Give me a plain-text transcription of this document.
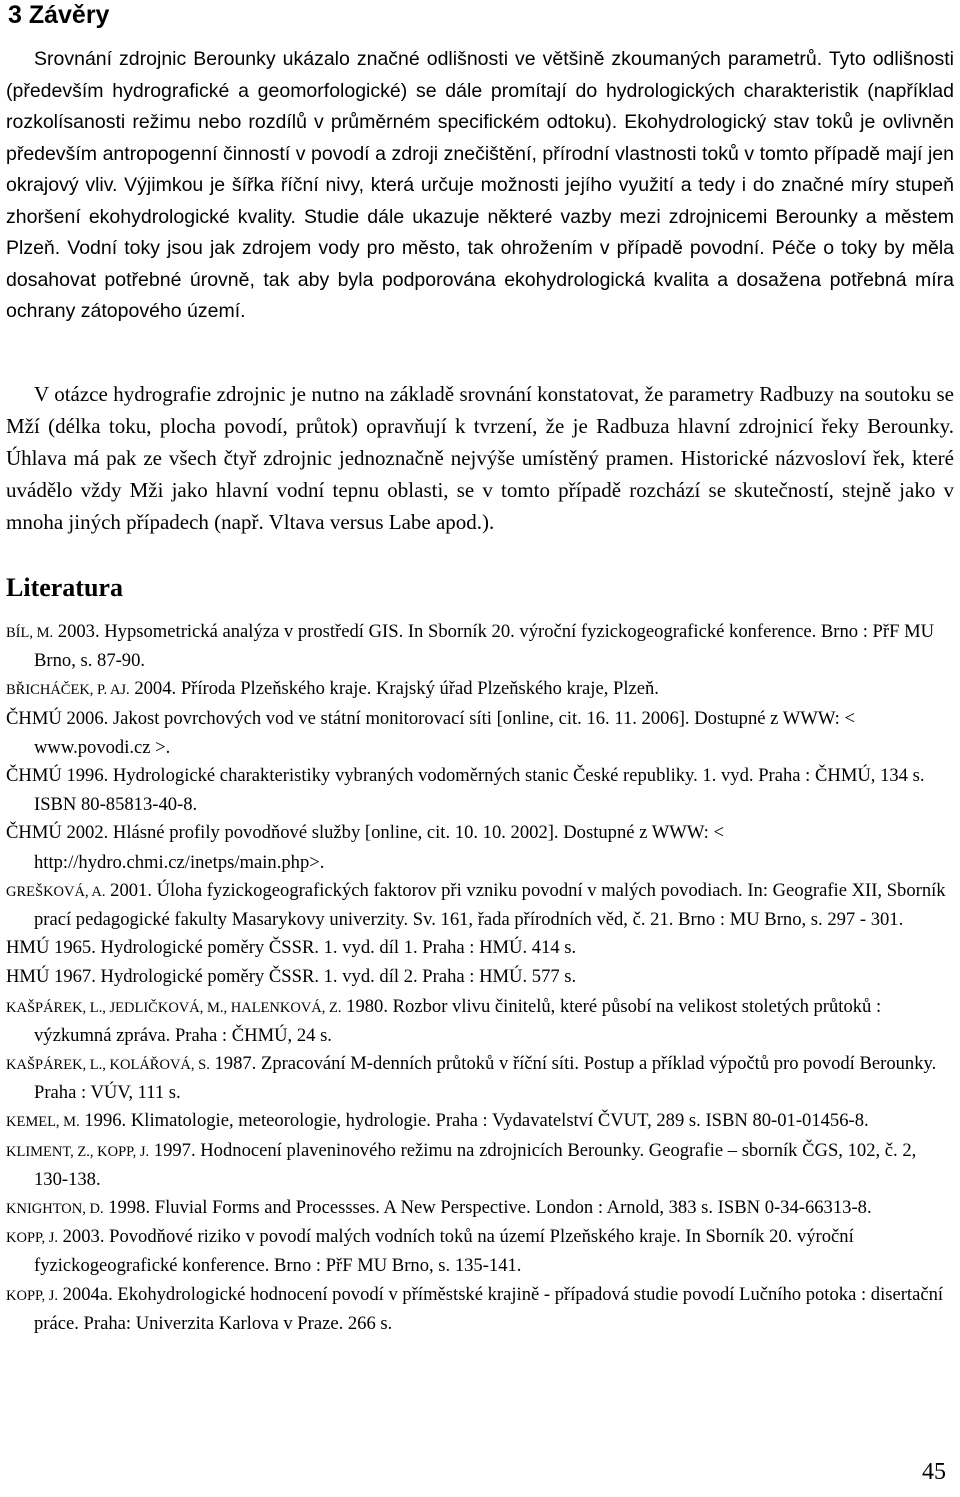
3 Závěry

Srovnání zdrojnic Berounky ukázalo značné odlišnosti ve většině zkoumaných parametrů. Tyto odlišnosti (především hydrografické a geomorfologické) se dále promítají do hydrologických charakteristik (například rozkolísanosti režimu nebo rozdílů v průměrném specifickém odtoku). Ekohydrologický stav toků je ovlivněn především antropogenní činností v povodí a zdroji znečištění, přírodní vlastnosti toků v tomto případě mají jen okrajový vliv. Výjimkou je šířka říční nivy, která určuje možnosti jejího využití a tedy i do značné míry stupeň zhoršení ekohydrologické kvality. Studie dále ukazuje některé vazby mezi zdrojnicemi Berounky a městem Plzeň. Vodní toky jsou jak zdrojem vody pro město, tak ohrožením v případě povodní. Péče o toky by měla dosahovat potřebné úrovně, tak aby byla podporována ekohydrologická kvalita a dosažena potřebná míra ochrany zátopového území.

V otázce hydrografie zdrojnic je nutno na základě srovnání konstatovat, že parametry Radbuzy na soutoku se Mží (délka toku, plocha povodí, průtok) opravňují k tvrzení, že je Radbuza hlavní zdrojnicí řeky Berounky. Úhlava má pak ze všech čtyř zdrojnic jednoznačně nejvýše umístěný pramen. Historické názvosloví řek, které uvádělo vždy Mži jako hlavní vodní tepnu oblasti, se v tomto případě rozchází se skutečností, stejně jako v mnoha jiných případech (např. Vltava versus Labe apod.).

Literatura
BÍL, M. 2003. Hypsometrická analýza v prostředí GIS. In Sborník 20. výroční fyzickogeografické konference. Brno : PřF MU Brno, s. 87-90.
BŘICHÁČEK, P. AJ. 2004. Příroda Plzeňského kraje. Krajský úřad Plzeňského kraje, Plzeň.
ČHMÚ 2006. Jakost povrchových vod ve státní monitorovací síti [online, cit. 16. 11. 2006]. Dostupné z WWW: < www.povodi.cz >.
ČHMÚ 1996. Hydrologické charakteristiky vybraných vodoměrných stanic České republiky. 1. vyd. Praha : ČHMÚ, 134 s. ISBN 80-85813-40-8.
ČHMÚ 2002. Hlásné profily povodňové služby [online, cit. 10. 10. 2002]. Dostupné z WWW: < http://hydro.chmi.cz/inetps/main.php>.
GREŠKOVÁ, A. 2001. Úloha fyzickogeografických faktorov při vzniku povodní v malých povodiach. In: Geografie XII, Sborník prací pedagogické fakulty Masarykovy univerzity. Sv. 161, řada přírodních věd, č. 21. Brno : MU Brno, s. 297 - 301.
HMÚ 1965. Hydrologické poměry ČSSR. 1. vyd. díl 1. Praha : HMÚ. 414 s.
HMÚ 1967. Hydrologické poměry ČSSR. 1. vyd. díl 2. Praha : HMÚ. 577 s.
KAŠPÁREK, L., JEDLIČKOVÁ, M., HALENKOVÁ, Z. 1980. Rozbor vlivu činitelů, které působí na velikost stoletých průtoků : výzkumná zpráva. Praha : ČHMÚ, 24 s.
KAŠPÁREK, L., KOLÁŘOVÁ, S. 1987. Zpracování M-denních průtoků v říční síti. Postup a příklad výpočtů pro povodí Berounky. Praha : VÚV, 111 s.
KEMEL, M. 1996. Klimatologie, meteorologie, hydrologie. Praha : Vydavatelství ČVUT, 289 s. ISBN 80-01-01456-8.
KLIMENT, Z., KOPP, J. 1997. Hodnocení plaveninového režimu na zdrojnicích Berounky. Geografie – sborník ČGS, 102, č. 2, 130-138.
KNIGHTON, D. 1998. Fluvial Forms and Processses. A New Perspective. London : Arnold, 383 s. ISBN 0-34-66313-8.
KOPP, J. 2003. Povodňové riziko v povodí malých vodních toků na území Plzeňského kraje. In Sborník 20. výroční fyzickogeografické konference. Brno : PřF MU Brno, s. 135-141.
KOPP, J. 2004a. Ekohydrologické hodnocení povodí v příměstské krajině - případová studie povodí Lučního potoka : disertační práce. Praha: Univerzita Karlova v Praze. 266 s.
45
